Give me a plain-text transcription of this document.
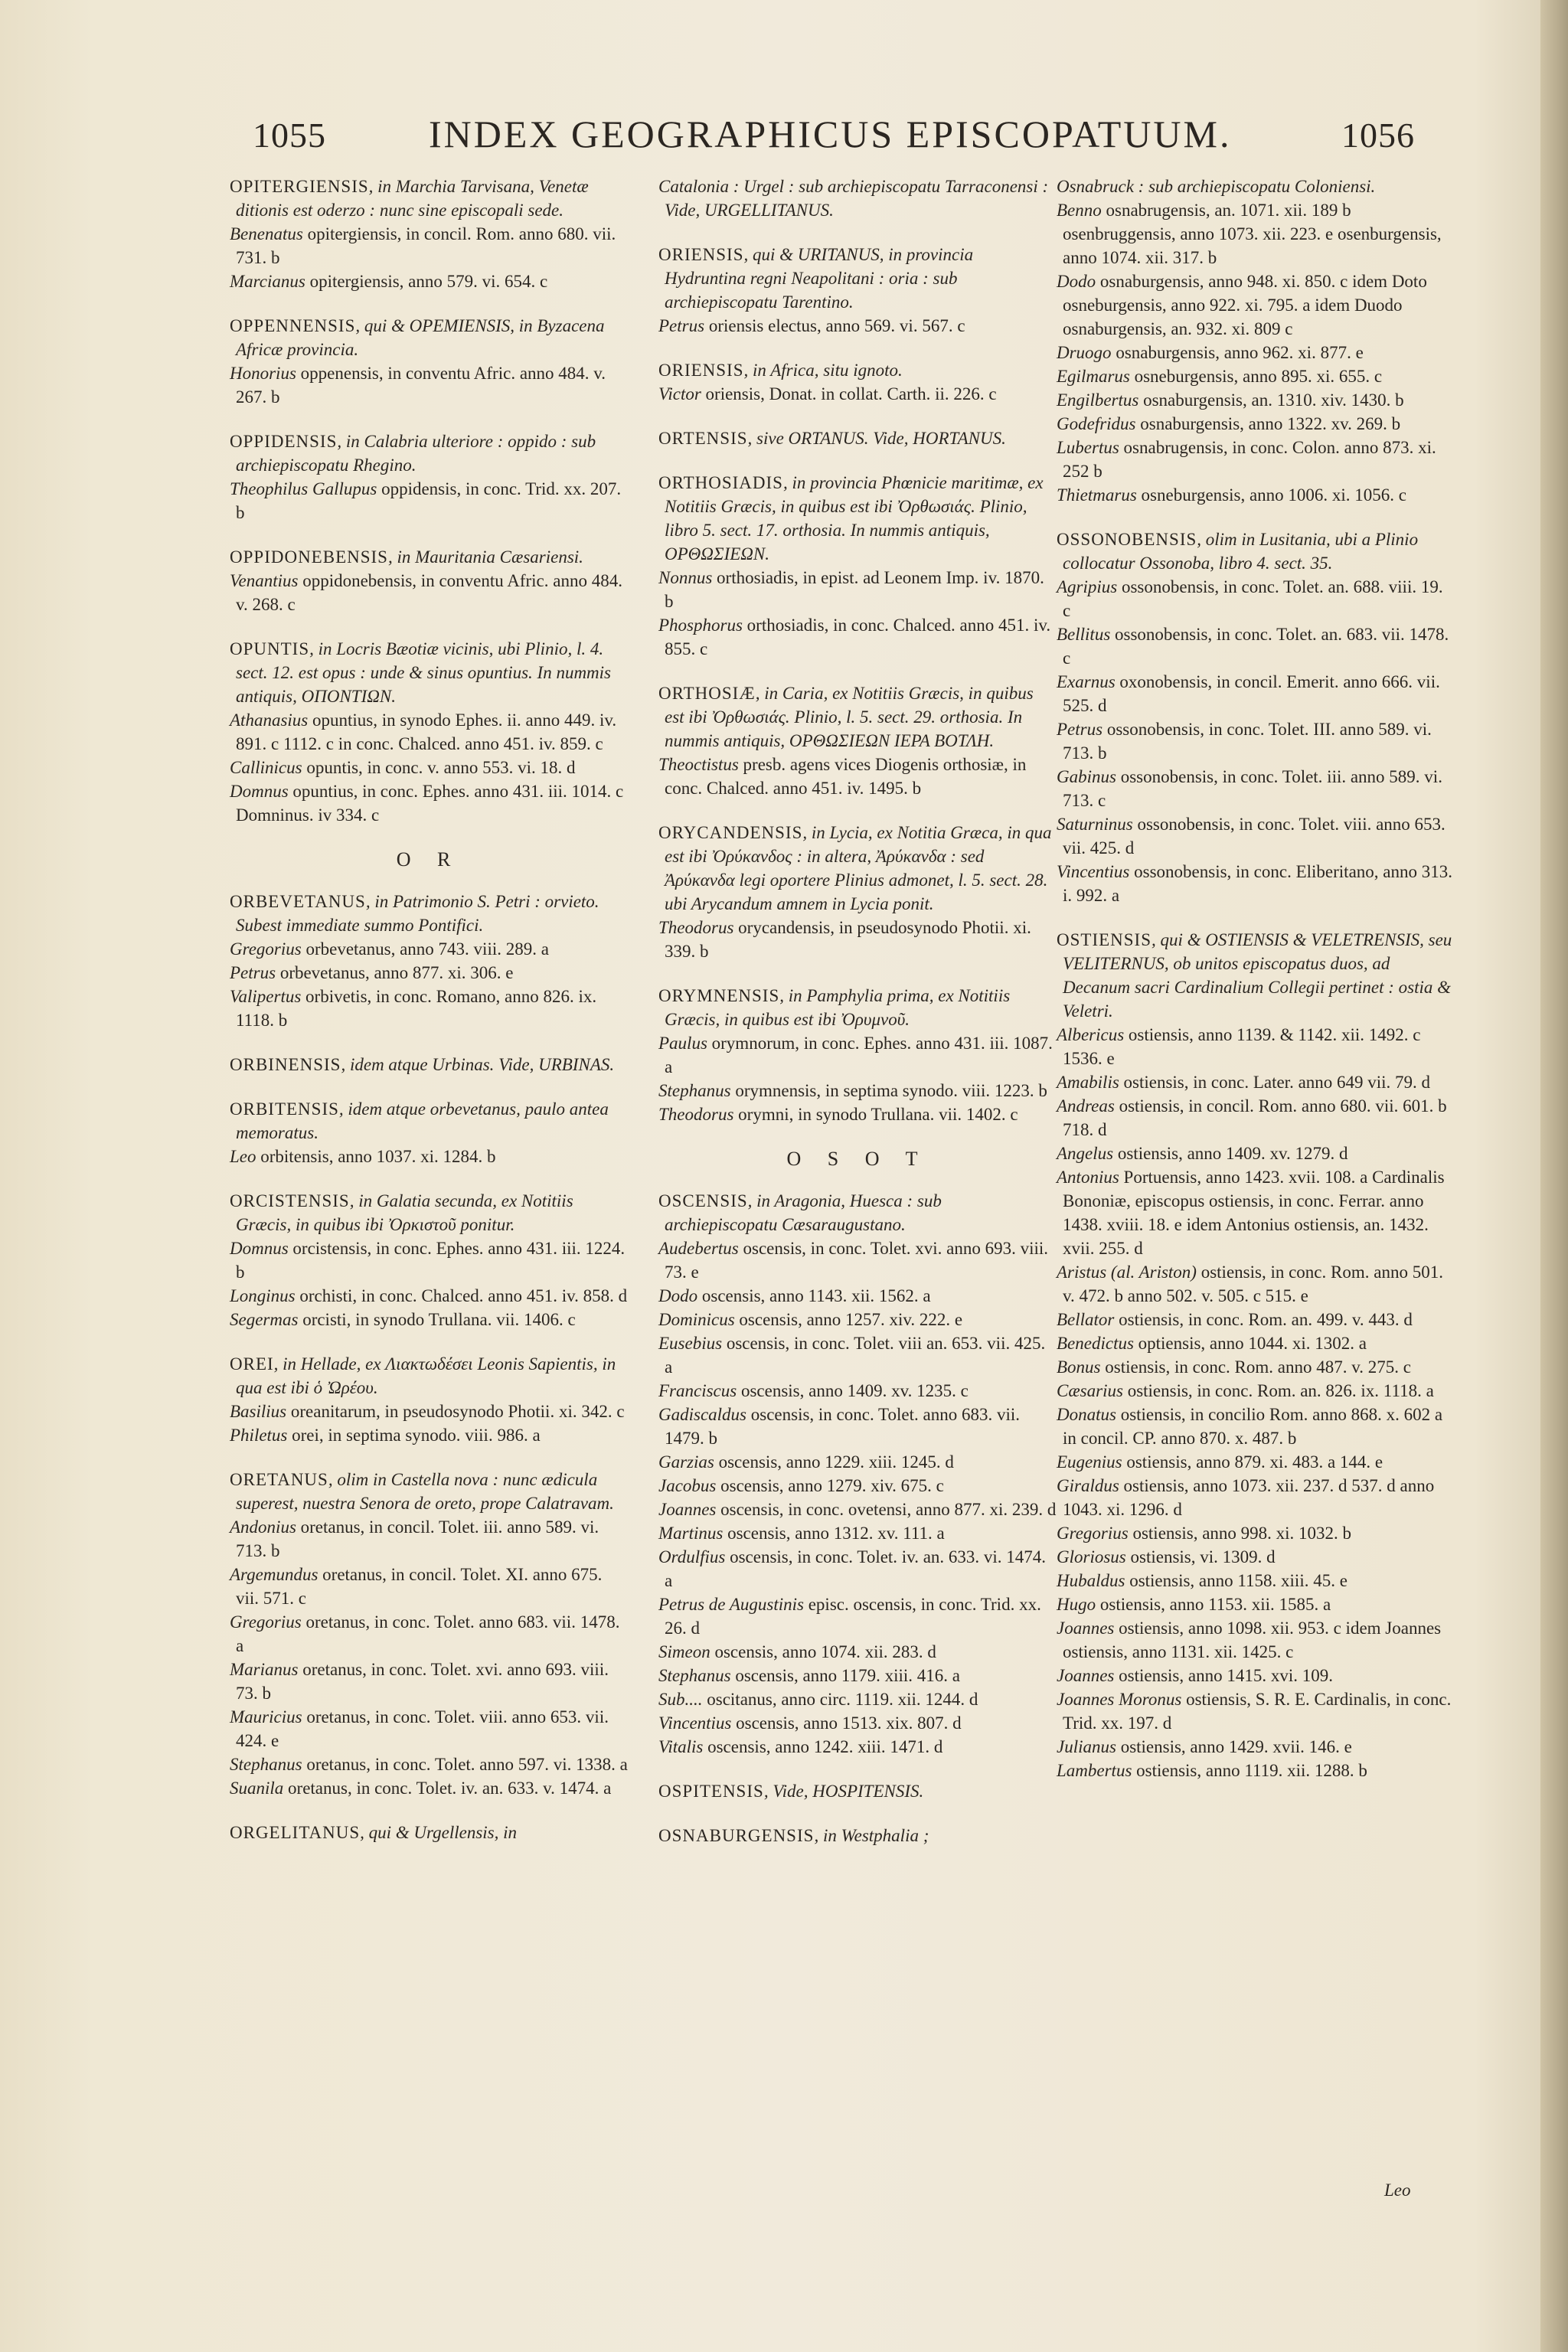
1055	INDEX GEOGRAPHICUS EPISCOPATUUM.	1056
OPITERGIENSIS, in Marchia Tarvisana, Venetæ ditionis est oderzo : nunc sine episcopali sede.
Benenatus opitergiensis, in concil. Rom. anno 680. vii. 731. b
Marcianus opitergiensis, anno 579. vi. 654. c
OPPENNENSIS, qui & OPEMIENSIS, in Byzacena Africæ provincia.
Honorius oppenensis, in conventu Afric. anno 484. v. 267. b
OPPIDENSIS, in Calabria ulteriore : oppido : sub archiepiscopatu Rhegino.
Theophilus Gallupus oppidensis, in conc. Trid. xx. 207. b
OPPIDONEBENSIS, in Mauritania Cæsariensi.
Venantius oppidonebensis, in conventu Afric. anno 484. v. 268. c
OPUNTIS, in Locris Bæotiæ vicinis, ubi Plinio, l. 4. sect. 12. est opus : unde & sinus opuntius. In nummis antiquis, ΟΠΟΝΤΙΩΝ.
Athanasius opuntius, in synodo Ephes. ii. anno 449. iv. 891. c 1112. c in conc. Chalced. anno 451. iv. 859. c
Callinicus opuntis, in conc. v. anno 553. vi. 18. d
Domnus opuntius, in conc. Ephes. anno 431. iii. 1014. c Domninus. iv 334. c
O R
ORBEVETANUS, in Patrimonio S. Petri : orvieto. Subest immediate summo Pontifici.
Gregorius orbevetanus, anno 743. viii. 289. a
Petrus orbevetanus, anno 877. xi. 306. e
Valipertus orbivetis, in conc. Romano, anno 826. ix. 1118. b
ORBINENSIS, idem atque Urbinas. Vide, URBINAS.
ORBITENSIS, idem atque orbevetanus, paulo antea memoratus.
Leo orbitensis, anno 1037. xi. 1284. b
ORCISTENSIS, in Galatia secunda, ex Notitiis Græcis, in quibus ibi Ὀρκιστοῦ ponitur.
Domnus orcistensis, in conc. Ephes. anno 431. iii. 1224. b
Longinus orchisti, in conc. Chalced. anno 451. iv. 858. d
Segermas orcisti, in synodo Trullana. vii. 1406. c
OREI, in Hellade, ex Λιακτωδέσει Leonis Sapientis, in qua est ibi ὁ Ὠρέου.
Basilius oreanitarum, in pseudosynodo Photii. xi. 342. c
Philetus orei, in septima synodo. viii. 986. a
ORETANUS, olim in Castella nova : nunc ædicula superest, nuestra Senora de oreto, prope Calatravam.
Andonius oretanus, in concil. Tolet. iii. anno 589. vi. 713. b
Argemundus oretanus, in concil. Tolet. XI. anno 675. vii. 571. c
Gregorius oretanus, in conc. Tolet. anno 683. vii. 1478. a
Marianus oretanus, in conc. Tolet. xvi. anno 693. viii. 73. b
Mauricius oretanus, in conc. Tolet. viii. anno 653. vii. 424. e
Stephanus oretanus, in conc. Tolet. anno 597. vi. 1338. a
Suanila oretanus, in conc. Tolet. iv. an. 633. v. 1474. a
ORGELITANUS, qui & Urgellensis, in
Catalonia : Urgel : sub archiepiscopatu Tarraconensi : Vide, URGELLITANUS.
ORIENSIS, qui & URITANUS, in provincia Hydruntina regni Neapolitani : oria : sub archiepiscopatu Tarentino.
Petrus oriensis electus, anno 569. vi. 567. c
ORIENSIS, in Africa, situ ignoto.
Victor oriensis, Donat. in collat. Carth. ii. 226. c
ORTENSIS, sive ORTANUS. Vide, HORTANUS.
ORTHOSIADIS, in provincia Phœnicie maritimæ, ex Notitiis Græcis, in quibus est ibi Ὀρθωσιάς. Plinio, libro 5. sect. 17. orthosia. In nummis antiquis, ΟΡΘΩΣΙΕΩΝ.
Nonnus orthosiadis, in epist. ad Leonem Imp. iv. 1870. b
Phosphorus orthosiadis, in conc. Chalced. anno 451. iv. 855. c
ORTHOSIÆ, in Caria, ex Notitiis Græcis, in quibus est ibi Ὀρθωσιάς. Plinio, l. 5. sect. 29. orthosia. In nummis antiquis, ΟΡΘΩΣΙΕΩΝ ΙΕΡΑ ΒΟΤΛΗ.
Theoctistus presb. agens vices Diogenis orthosiæ, in conc. Chalced. anno 451. iv. 1495. b
ORYCANDENSIS, in Lycia, ex Notitia Græca, in qua est ibi Ὀρύκανδος : in altera, Ἀρύκανδα : sed Ἀρύκανδα legi oportere Plinius admonet, l. 5. sect. 28. ubi Arycandum amnem in Lycia ponit.
Theodorus orycandensis, in pseudosynodo Photii. xi. 339. b
ORYMNENSIS, in Pamphylia prima, ex Notitiis Græcis, in quibus est ibi Ὀρυμνοῦ.
Paulus orymnorum, in conc. Ephes. anno 431. iii. 1087. a
Stephanus orymnensis, in septima synodo. viii. 1223. b
Theodorus orymni, in synodo Trullana. vii. 1402. c
O S O T
OSCENSIS, in Aragonia, Huesca : sub archiepiscopatu Cæsaraugustano.
Audebertus oscensis, in conc. Tolet. xvi. anno 693. viii. 73. e
Dodo oscensis, anno 1143. xii. 1562. a
Dominicus oscensis, anno 1257. xiv. 222. e
Eusebius oscensis, in conc. Tolet. viii an. 653. vii. 425. a
Franciscus oscensis, anno 1409. xv. 1235. c
Gadiscaldus oscensis, in conc. Tolet. anno 683. vii. 1479. b
Garzias oscensis, anno 1229. xiii. 1245. d
Jacobus oscensis, anno 1279. xiv. 675. c
Joannes oscensis, in conc. ovetensi, anno 877. xi. 239. d
Martinus oscensis, anno 1312. xv. 111. a
Ordulfius oscensis, in conc. Tolet. iv. an. 633. vi. 1474. a
Petrus de Augustinis episc. oscensis, in conc. Trid. xx. 26. d
Simeon oscensis, anno 1074. xii. 283. d
Stephanus oscensis, anno 1179. xiii. 416. a
Sub.... oscitanus, anno circ. 1119. xii. 1244. d
Vincentius oscensis, anno 1513. xix. 807. d
Vitalis oscensis, anno 1242. xiii. 1471. d
OSPITENSIS, Vide, HOSPITENSIS.
OSNABURGENSIS, in Westphalia ;
Osnabruck : sub archiepiscopatu Coloniensi.
Benno osnabrugensis, an. 1071. xii. 189 b osenbruggensis, anno 1073. xii. 223. e osenburgensis, anno 1074. xii. 317. b
Dodo osnaburgensis, anno 948. xi. 850. c idem Doto osneburgensis, anno 922. xi. 795. a idem Duodo osnaburgensis, an. 932. xi. 809 c
Druogo osnaburgensis, anno 962. xi. 877. e
Egilmarus osneburgensis, anno 895. xi. 655. c
Engilbertus osnaburgensis, an. 1310. xiv. 1430. b
Godefridus osnaburgensis, anno 1322. xv. 269. b
Lubertus osnabrugensis, in conc. Colon. anno 873. xi. 252 b
Thietmarus osneburgensis, anno 1006. xi. 1056. c
OSSONOBENSIS, olim in Lusitania, ubi a Plinio collocatur Ossonoba, libro 4. sect. 35.
Agripius ossonobensis, in conc. Tolet. an. 688. viii. 19. c
Bellitus ossonobensis, in conc. Tolet. an. 683. vii. 1478. c
Exarnus oxonobensis, in concil. Emerit. anno 666. vii. 525. d
Petrus ossonobensis, in conc. Tolet. III. anno 589. vi. 713. b
Gabinus ossonobensis, in conc. Tolet. iii. anno 589. vi. 713. c
Saturninus ossonobensis, in conc. Tolet. viii. anno 653. vii. 425. d
Vincentius ossonobensis, in conc. Eliberitano, anno 313. i. 992. a
OSTIENSIS, qui & OSTIENSIS & VELETRENSIS, seu VELITERNUS, ob unitos episcopatus duos, ad Decanum sacri Cardinalium Collegii pertinet : ostia & Veletri.
Albericus ostiensis, anno 1139. & 1142. xii. 1492. c 1536. e
Amabilis ostiensis, in conc. Later. anno 649 vii. 79. d
Andreas ostiensis, in concil. Rom. anno 680. vii. 601. b 718. d
Angelus ostiensis, anno 1409. xv. 1279. d
Antonius Portuensis, anno 1423. xvii. 108. a Cardinalis Bononiæ, episcopus ostiensis, in conc. Ferrar. anno 1438. xviii. 18. e idem Antonius ostiensis, an. 1432. xvii. 255. d
Aristus (al. Ariston) ostiensis, in conc. Rom. anno 501. v. 472. b anno 502. v. 505. c 515. e
Bellator ostiensis, in conc. Rom. an. 499. v. 443. d
Benedictus optiensis, anno 1044. xi. 1302. a
Bonus ostiensis, in conc. Rom. anno 487. v. 275. c
Cæsarius ostiensis, in conc. Rom. an. 826. ix. 1118. a
Donatus ostiensis, in concilio Rom. anno 868. x. 602 a in concil. CP. anno 870. x. 487. b
Eugenius ostiensis, anno 879. xi. 483. a 144. e
Giraldus ostiensis, anno 1073. xii. 237. d 537. d anno 1043. xi. 1296. d
Gregorius ostiensis, anno 998. xi. 1032. b
Gloriosus ostiensis, vi. 1309. d
Hubaldus ostiensis, anno 1158. xiii. 45. e
Hugo ostiensis, anno 1153. xii. 1585. a
Joannes ostiensis, anno 1098. xii. 953. c idem Joannes ostiensis, anno 1131. xii. 1425. c
Joannes ostiensis, anno 1415. xvi. 109.
Joannes Moronus ostiensis, S. R. E. Cardinalis, in conc. Trid. xx. 197. d
Julianus ostiensis, anno 1429. xvii. 146. e
Lambertus ostiensis, anno 1119. xii. 1288. b
Leo
